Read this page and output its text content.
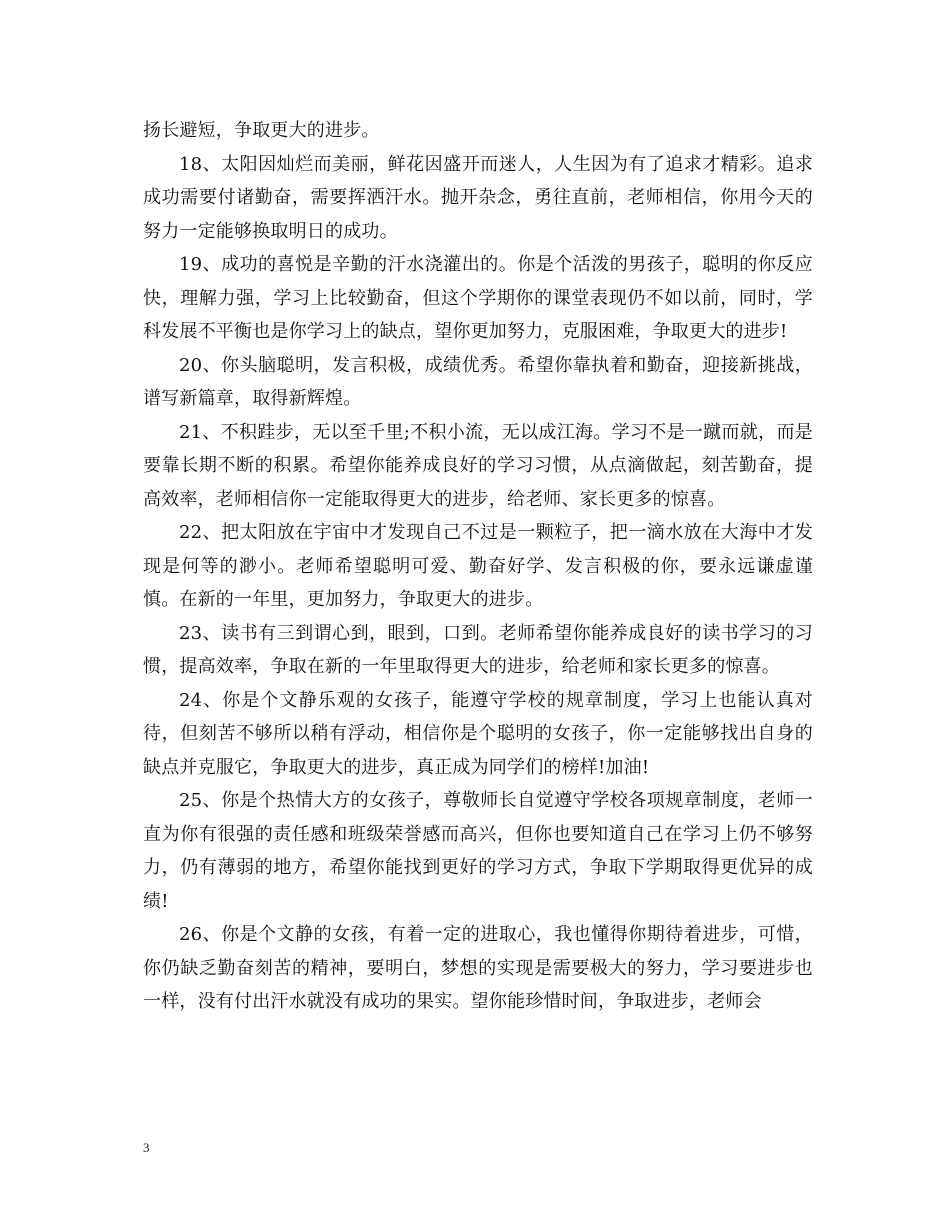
扬长避短，争取更大的进步。

18、太阳因灿烂而美丽，鲜花因盛开而迷人，人生因为有了追求才精彩。追求成功需要付诸勤奋，需要挥洒汗水。抛开杂念，勇往直前，老师相信，你用今天的努力一定能够换取明日的成功。

19、成功的喜悦是辛勤的汗水浇灌出的。你是个活泼的男孩子，聪明的你反应快，理解力强，学习上比较勤奋，但这个学期你的课堂表现仍不如以前，同时，学科发展不平衡也是你学习上的缺点，望你更加努力，克服困难，争取更大的进步!

20、你头脑聪明，发言积极，成绩优秀。希望你靠执着和勤奋，迎接新挑战，谱写新篇章，取得新辉煌。

21、不积跬步，无以至千里;不积小流，无以成江海。学习不是一蹴而就，而是要靠长期不断的积累。希望你能养成良好的学习习惯，从点滴做起，刻苦勤奋，提高效率，老师相信你一定能取得更大的进步，给老师、家长更多的惊喜。

22、把太阳放在宇宙中才发现自己不过是一颗粒子，把一滴水放在大海中才发现是何等的渺小。老师希望聪明可爱、勤奋好学、发言积极的你，要永远谦虚谨慎。在新的一年里，更加努力，争取更大的进步。

23、读书有三到谓心到，眼到，口到。老师希望你能养成良好的读书学习的习惯，提高效率，争取在新的一年里取得更大的进步，给老师和家长更多的惊喜。

24、你是个文静乐观的女孩子，能遵守学校的规章制度，学习上也能认真对待，但刻苦不够所以稍有浮动，相信你是个聪明的女孩子，你一定能够找出自身的缺点并克服它，争取更大的进步，真正成为同学们的榜样!加油!

25、你是个热情大方的女孩子，尊敬师长自觉遵守学校各项规章制度，老师一直为你有很强的责任感和班级荣誉感而高兴，但你也要知道自己在学习上仍不够努力，仍有薄弱的地方，希望你能找到更好的学习方式，争取下学期取得更优异的成绩!

26、你是个文静的女孩，有着一定的进取心，我也懂得你期待着进步，可惜，你仍缺乏勤奋刻苦的精神，要明白，梦想的实现是需要极大的努力，学习要进步也一样，没有付出汗水就没有成功的果实。望你能珍惜时间，争取进步，老师会

3
